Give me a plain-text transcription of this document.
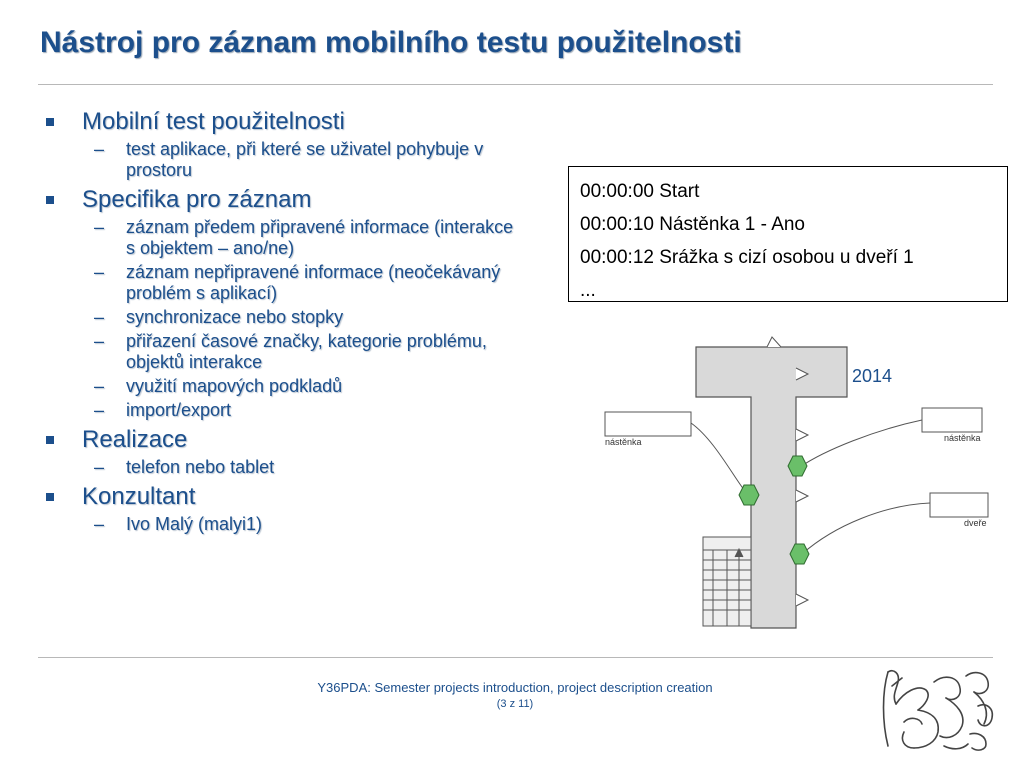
Nástroj pro záznam mobilního testu použitelnosti
Mobilní test použitelnosti
– test aplikace, při které se uživatel pohybuje v prostoru
Specifika pro záznam
– záznam předem připravené informace (interakce s objektem – ano/ne)
– záznam nepřipravené informace (neočekávaný problém s aplikací)
– synchronizace nebo stopky
– přiřazení časové značky, kategorie problému, objektů interakce
– využití mapových podkladů
– import/export
Realizace
– telefon nebo tablet
Konzultant
– Ivo Malý (malyi1)
00:00:00 Start
00:00:10 Nástěnka 1 - Ano
00:00:12 Srážka s cizí osobou u dveří 1
...
nástěnka	nástěnka
dveře
2014
Y36PDA: Semester projects introduction, project description creation
(3 z 11)
